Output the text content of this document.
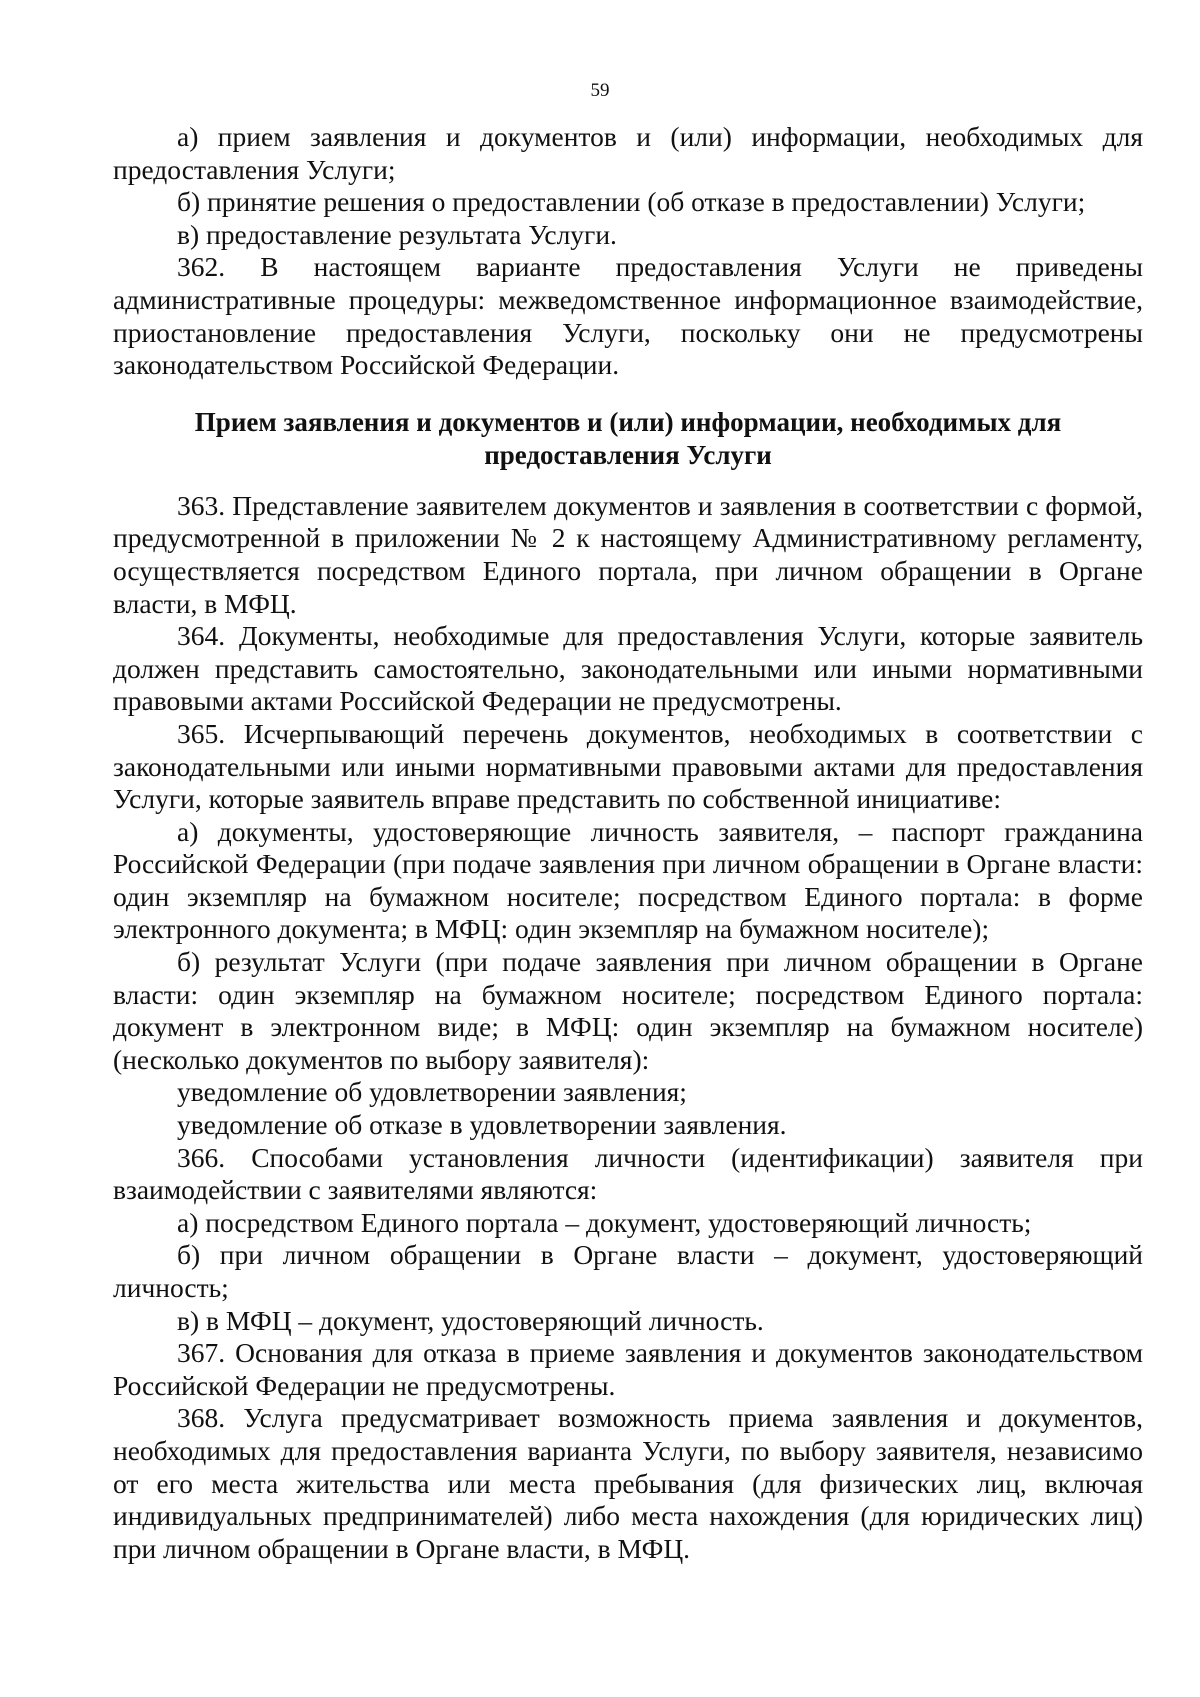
59

а) прием заявления и документов и (или) информации, необходимых для предоставления Услуги;

б) принятие решения о предоставлении (об отказе в предоставлении) Услуги;

в) предоставление результата Услуги.

362. В настоящем варианте предоставления Услуги не приведены административные процедуры: межведомственное информационное взаимодействие, приостановление предоставления Услуги, поскольку они не предусмотрены законодательством Российской Федерации.

Прием заявления и документов и (или) информации, необходимых для предоставления Услуги

363. Представление заявителем документов и заявления в соответствии с формой, предусмотренной в приложении № 2 к настоящему Административному регламенту, осуществляется посредством Единого портала, при личном обращении в Органе власти, в МФЦ.

364. Документы, необходимые для предоставления Услуги, которые заявитель должен представить самостоятельно, законодательными или иными нормативными правовыми актами Российской Федерации не предусмотрены.

365. Исчерпывающий перечень документов, необходимых в соответствии с законодательными или иными нормативными правовыми актами для предоставления Услуги, которые заявитель вправе представить по собственной инициативе:

а) документы, удостоверяющие личность заявителя, – паспорт гражданина Российской Федерации (при подаче заявления при личном обращении в Органе власти: один экземпляр на бумажном носителе; посредством Единого портала: в форме электронного документа; в МФЦ: один экземпляр на бумажном носителе);

б) результат Услуги (при подаче заявления при личном обращении в Органе власти: один экземпляр на бумажном носителе; посредством Единого портала: документ в электронном виде; в МФЦ: один экземпляр на бумажном носителе) (несколько документов по выбору заявителя):

уведомление об удовлетворении заявления;

уведомление об отказе в удовлетворении заявления.

366. Способами установления личности (идентификации) заявителя при взаимодействии с заявителями являются:

а) посредством Единого портала – документ, удостоверяющий личность;

б) при личном обращении в Органе власти – документ, удостоверяющий личность;

в) в МФЦ – документ, удостоверяющий личность.

367. Основания для отказа в приеме заявления и документов законодательством Российской Федерации не предусмотрены.

368. Услуга предусматривает возможность приема заявления и документов, необходимых для предоставления варианта Услуги, по выбору заявителя, независимо от его места жительства или места пребывания (для физических лиц, включая индивидуальных предпринимателей) либо места нахождения (для юридических лиц) при личном обращении в Органе власти, в МФЦ.
